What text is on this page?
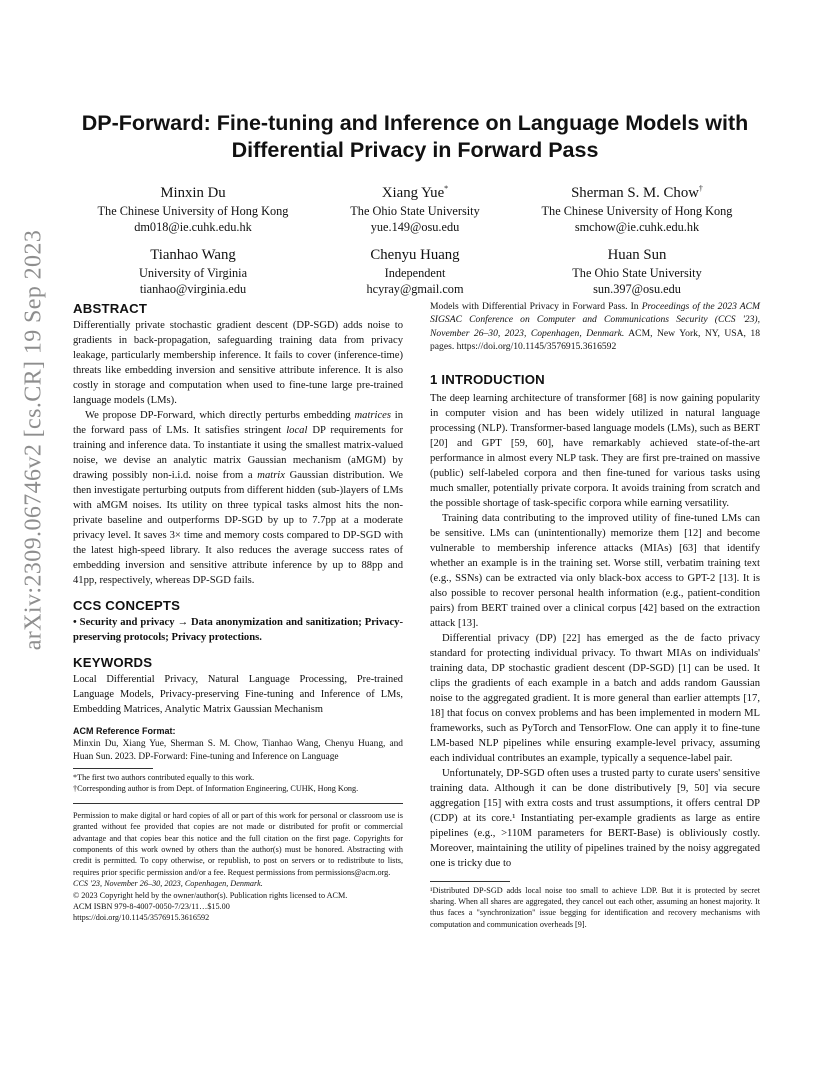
arXiv:2309.06746v2 [cs.CR] 19 Sep 2023
DP-Forward: Fine-tuning and Inference on Language Models with Differential Privacy in Forward Pass
Minxin Du
The Chinese University of Hong Kong
dm018@ie.cuhk.edu.hk
Xiang Yue*
The Ohio State University
yue.149@osu.edu
Sherman S. M. Chow†
The Chinese University of Hong Kong
smchow@ie.cuhk.edu.hk
Tianhao Wang
University of Virginia
tianhao@virginia.edu
Chenyu Huang
Independent
hcyray@gmail.com
Huan Sun
The Ohio State University
sun.397@osu.edu
ABSTRACT

Differentially private stochastic gradient descent (DP-SGD) adds noise to gradients in back-propagation, safeguarding training data from privacy leakage, particularly membership inference. It fails to cover (inference-time) threats like embedding inversion and sensitive attribute inference. It is also costly in storage and computation when used to fine-tune large pre-trained language models (LMs).

We propose DP-Forward, which directly perturbs embedding matrices in the forward pass of LMs. It satisfies stringent local DP requirements for training and inference data. To instantiate it using the smallest matrix-valued noise, we devise an analytic matrix Gaussian mechanism (aMGM) by drawing possibly non-i.i.d. noise from a matrix Gaussian distribution. We then investigate perturbing outputs from different hidden (sub-)layers of LMs with aMGM noises. Its utility on three typical tasks almost hits the non-private baseline and outperforms DP-SGD by up to 7.7pp at a moderate privacy level. It saves 3× time and memory costs compared to DP-SGD with the latest high-speed library. It also reduces the average success rates of embedding inversion and sensitive attribute inference by up to 88pp and 41pp, respectively, whereas DP-SGD fails.

CCS CONCEPTS

• Security and privacy → Data anonymization and sanitization; Privacy-preserving protocols; Privacy protections.

KEYWORDS

Local Differential Privacy, Natural Language Processing, Pre-trained Language Models, Privacy-preserving Fine-tuning and Inference of LMs, Embedding Matrices, Analytic Matrix Gaussian Mechanism

ACM Reference Format:

Minxin Du, Xiang Yue, Sherman S. M. Chow, Tianhao Wang, Chenyu Huang, and Huan Sun. 2023. DP-Forward: Fine-tuning and Inference on Language

*The first two authors contributed equally to this work.

†Corresponding author is from Dept. of Information Engineering, CUHK, Hong Kong.

Permission to make digital or hard copies of all or part of this work for personal or classroom use is granted without fee provided that copies are not made or distributed for profit or commercial advantage and that copies bear this notice and the full citation on the first page. Copyrights for components of this work owned by others than the author(s) must be honored. Abstracting with credit is permitted. To copy otherwise, or republish, to post on servers or to redistribute to lists, requires prior specific permission and/or a fee. Request permissions from permissions@acm.org.

CCS '23, November 26–30, 2023, Copenhagen, Denmark.

© 2023 Copyright held by the owner/author(s). Publication rights licensed to ACM.

ACM ISBN 979-8-4007-0050-7/23/11…$15.00

https://doi.org/10.1145/3576915.3616592

Models with Differential Privacy in Forward Pass. In Proceedings of the 2023 ACM SIGSAC Conference on Computer and Communications Security (CCS '23), November 26–30, 2023, Copenhagen, Denmark. ACM, New York, NY, USA, 18 pages. https://doi.org/10.1145/3576915.3616592

1 INTRODUCTION

The deep learning architecture of transformer [68] is now gaining popularity in computer vision and has been widely utilized in natural language processing (NLP). Transformer-based language models (LMs), such as BERT [20] and GPT [59, 60], have remarkably achieved state-of-the-art performance in almost every NLP task. They are first pre-trained on massive (public) self-labeled corpora and then fine-tuned for various tasks using much smaller, potentially private corpora. It avoids training from scratch and the possible shortage of task-specific corpora while earning versatility.

Training data contributing to the improved utility of fine-tuned LMs can be sensitive. LMs can (unintentionally) memorize them [12] and become vulnerable to membership inference attacks (MIAs) [63] that identify whether an example is in the training set. Worse still, verbatim training text (e.g., SSNs) can be extracted via only black-box access to GPT-2 [13]. It is also possible to recover personal health information (e.g., patient-condition pairs) from BERT trained over a clinical corpus [42] based on the extraction attack [13].

Differential privacy (DP) [22] has emerged as the de facto privacy standard for protecting individual privacy. To thwart MIAs on individuals' training data, DP stochastic gradient descent (DP-SGD) [1] can be used. It clips the gradients of each example in a batch and adds random Gaussian noise to the aggregated gradient. It is more general than earlier attempts [17, 18] that focus on convex problems and has been implemented in modern ML frameworks, such as PyTorch and TensorFlow. One can apply it to fine-tune LM-based NLP pipelines while ensuring example-level privacy, assuming each individual contributes an example, typically a sequence-label pair.

Unfortunately, DP-SGD often uses a trusted party to curate users' sensitive training data. Although it can be done distributively [9, 50] via secure aggregation [15] with extra costs and trust assumptions, it offers central DP (CDP) at its core.¹ Instantiating per-example gradients as large as entire pipelines (e.g., >110M parameters for BERT-Base) is obliviously costly. Moreover, maintaining the utility of pipelines trained by the noisy aggregated one is tricky due to

¹Distributed DP-SGD adds local noise too small to achieve LDP. But it is protected by secret sharing. When all shares are aggregated, they cancel out each other, assuming an honest majority. It thus faces a "synchronization" issue begging for identification and recovery mechanisms with computation and communication overheads [9].
